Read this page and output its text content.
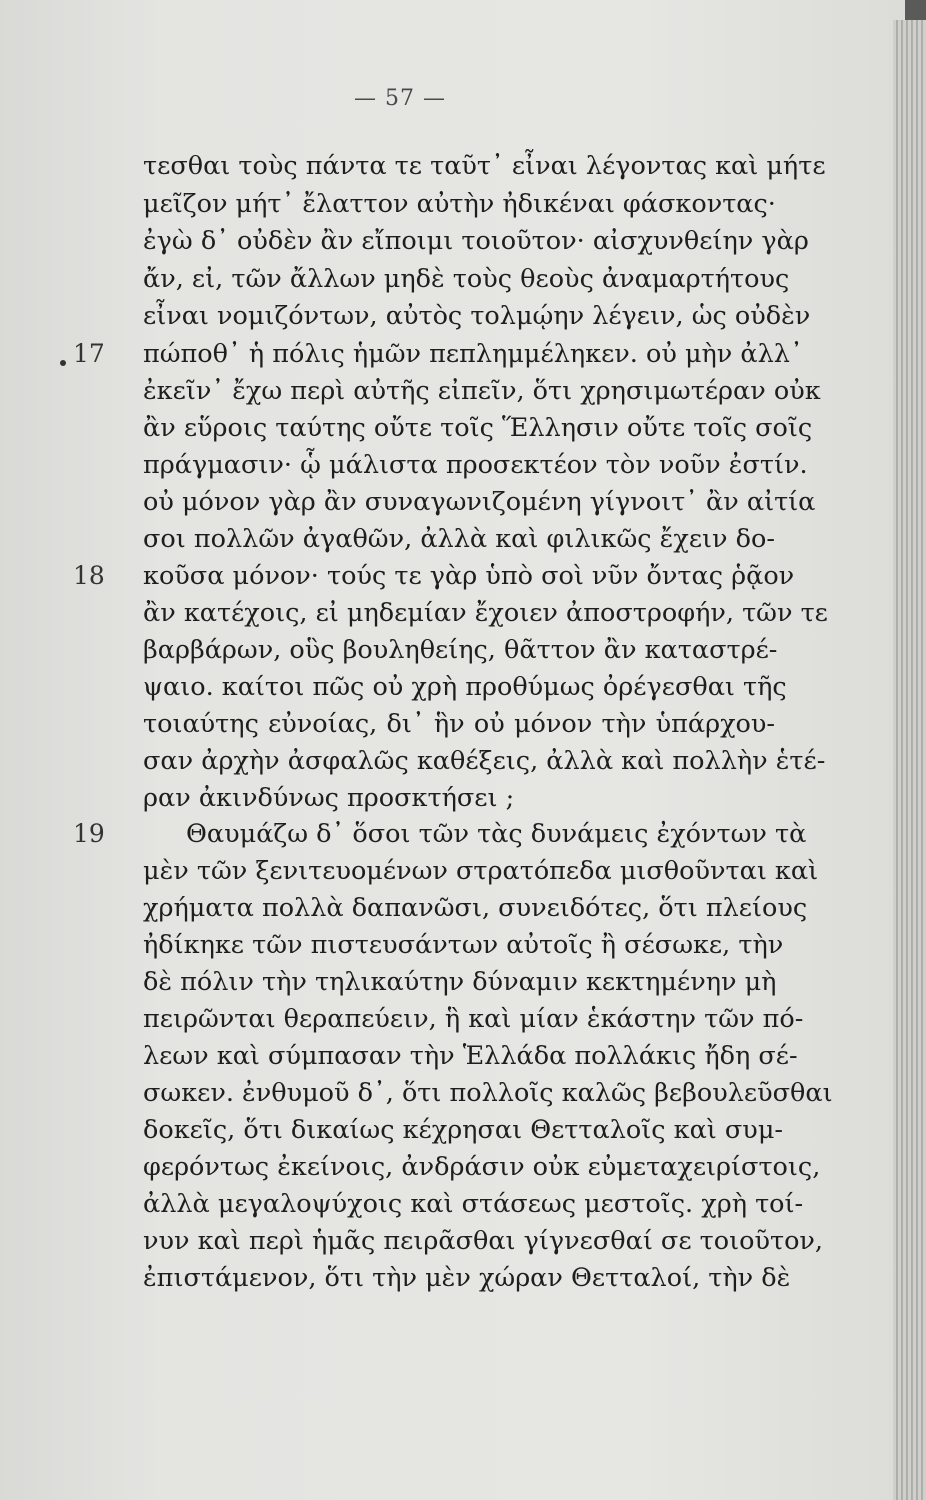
— 57 —
17
18
19
τεσθαι τοὺς πάντα τε ταῦτ᾽ εἶναι λέγοντας καὶ μήτε
μεῖζον μήτ᾽ ἔλαττον αὐτὴν ἠδικέναι φάσκοντας·
ἐγὼ δ᾽ οὐδὲν ἂν εἴποιμι τοιοῦτον· αἰσχυνθείην γὰρ
ἄν, εἰ, τῶν ἄλλων μηδὲ τοὺς θεοὺς ἀναμαρτήτους
εἶναι νομιζόντων, αὐτὸς τολμῴην λέγειν, ὡς οὐδὲν
πώποθ᾽ ἡ πόλις ἡμῶν πεπλημμέληκεν. οὐ μὴν ἀλλ᾽
ἐκεῖν᾽ ἔχω περὶ αὐτῆς εἰπεῖν, ὅτι χρησιμωτέραν οὐκ
ἂν εὕροις ταύτης οὔτε τοῖς Ἕλλησιν οὔτε τοῖς σοῖς
πράγμασιν· ᾧ μάλιστα προσεκτέον τὸν νοῦν ἐστίν.
οὐ μόνον γὰρ ἂν συναγωνιζομένη γίγνοιτ᾽ ἂν αἰτία
σοι πολλῶν ἀγαθῶν, ἀλλὰ καὶ φιλικῶς ἔχειν δο-
κοῦσα μόνον· τούς τε γὰρ ὑπὸ σοὶ νῦν ὄντας ῥᾷον
ἂν κατέχοις, εἰ μηδεμίαν ἔχοιεν ἀποστροφήν, τῶν τε
βαρβάρων, οὓς βουληθείης, θᾶττον ἂν καταστρέ-
ψαιο. καίτοι πῶς οὐ χρὴ προθύμως ὀρέγεσθαι τῆς
τοιαύτης εὐνοίας, δι᾽ ἣν οὐ μόνον τὴν ὑπάρχου-
σαν ἀρχὴν ἀσφαλῶς καθέξεις, ἀλλὰ καὶ πολλὴν ἑτέ-
ραν ἀκινδύνως προσκτήσει ;
Θαυμάζω δ᾽ ὅσοι τῶν τὰς δυνάμεις ἐχόντων τὰ
μὲν τῶν ξενιτευομένων στρατόπεδα μισθοῦνται καὶ
χρήματα πολλὰ δαπανῶσι, συνειδότες, ὅτι πλείους
ἠδίκηκε τῶν πιστευσάντων αὐτοῖς ἢ σέσωκε, τὴν
δὲ πόλιν τὴν τηλικαύτην δύναμιν κεκτημένην μὴ
πειρῶνται θεραπεύειν, ἣ καὶ μίαν ἑκάστην τῶν πό-
λεων καὶ σύμπασαν τὴν Ἑλλάδα πολλάκις ἤδη σέ-
σωκεν. ἐνθυμοῦ δ᾽, ὅτι πολλοῖς καλῶς βεβουλεῦσθαι
δοκεῖς, ὅτι δικαίως κέχρησαι Θετταλοῖς καὶ συμ-
φερόντως ἐκείνοις, ἀνδράσιν οὐκ εὐμεταχειρίστοις,
ἀλλὰ μεγαλοψύχοις καὶ στάσεως μεστοῖς. χρὴ τοί-
νυν καὶ περὶ ἡμᾶς πειρᾶσθαι γίγνεσθαί σε τοιοῦτον,
ἐπιστάμενον, ὅτι τὴν μὲν χώραν Θετταλοί, τὴν δὲ
